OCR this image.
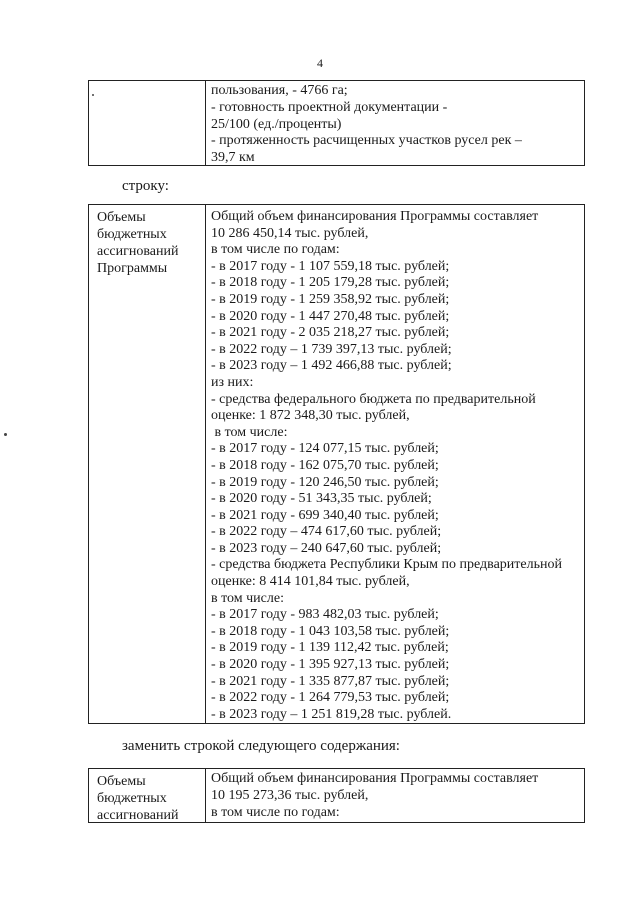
4
пользования, - 4766 га;
- готовность проектной документации -
25/100 (ед./проценты)
- протяженность расчищенных участков русел рек –
39,7 км
строку:
Объемы
бюджетных
ассигнований
Программы
Общий объем финансирования Программы составляет
10 286 450,14 тыс. рублей,
в том числе по годам:
- в 2017 году - 1 107 559,18 тыс. рублей;
- в 2018 году - 1 205 179,28 тыс. рублей;
- в 2019 году - 1 259 358,92 тыс. рублей;
- в 2020 году - 1 447 270,48 тыс. рублей;
- в 2021 году - 2 035 218,27 тыс. рублей;
- в 2022 году – 1 739 397,13 тыс. рублей;
- в 2023 году – 1 492 466,88 тыс. рублей;
из них:
- средства федерального бюджета по предварительной
оценке: 1 872 348,30 тыс. рублей,
в том числе:
- в 2017 году - 124 077,15 тыс. рублей;
- в 2018 году - 162 075,70 тыс. рублей;
- в 2019 году - 120 246,50 тыс. рублей;
- в 2020 году - 51 343,35 тыс. рублей;
- в 2021 году - 699 340,40 тыс. рублей;
- в 2022 году – 474 617,60 тыс. рублей;
- в 2023 году – 240 647,60 тыс. рублей;
- средства бюджета Республики Крым по предварительной
оценке: 8 414 101,84 тыс. рублей,
в том числе:
- в 2017 году - 983 482,03 тыс. рублей;
- в 2018 году - 1 043 103,58 тыс. рублей;
- в 2019 году - 1 139 112,42 тыс. рублей;
- в 2020 году - 1 395 927,13 тыс. рублей;
- в 2021 году - 1 335 877,87 тыс. рублей;
- в 2022 году - 1 264 779,53 тыс. рублей;
- в 2023 году – 1 251 819,28 тыс. рублей.
заменить строкой следующего содержания:
Объемы
бюджетных
ассигнований
Общий объем финансирования Программы составляет
10 195 273,36 тыс. рублей,
в том числе по годам:
